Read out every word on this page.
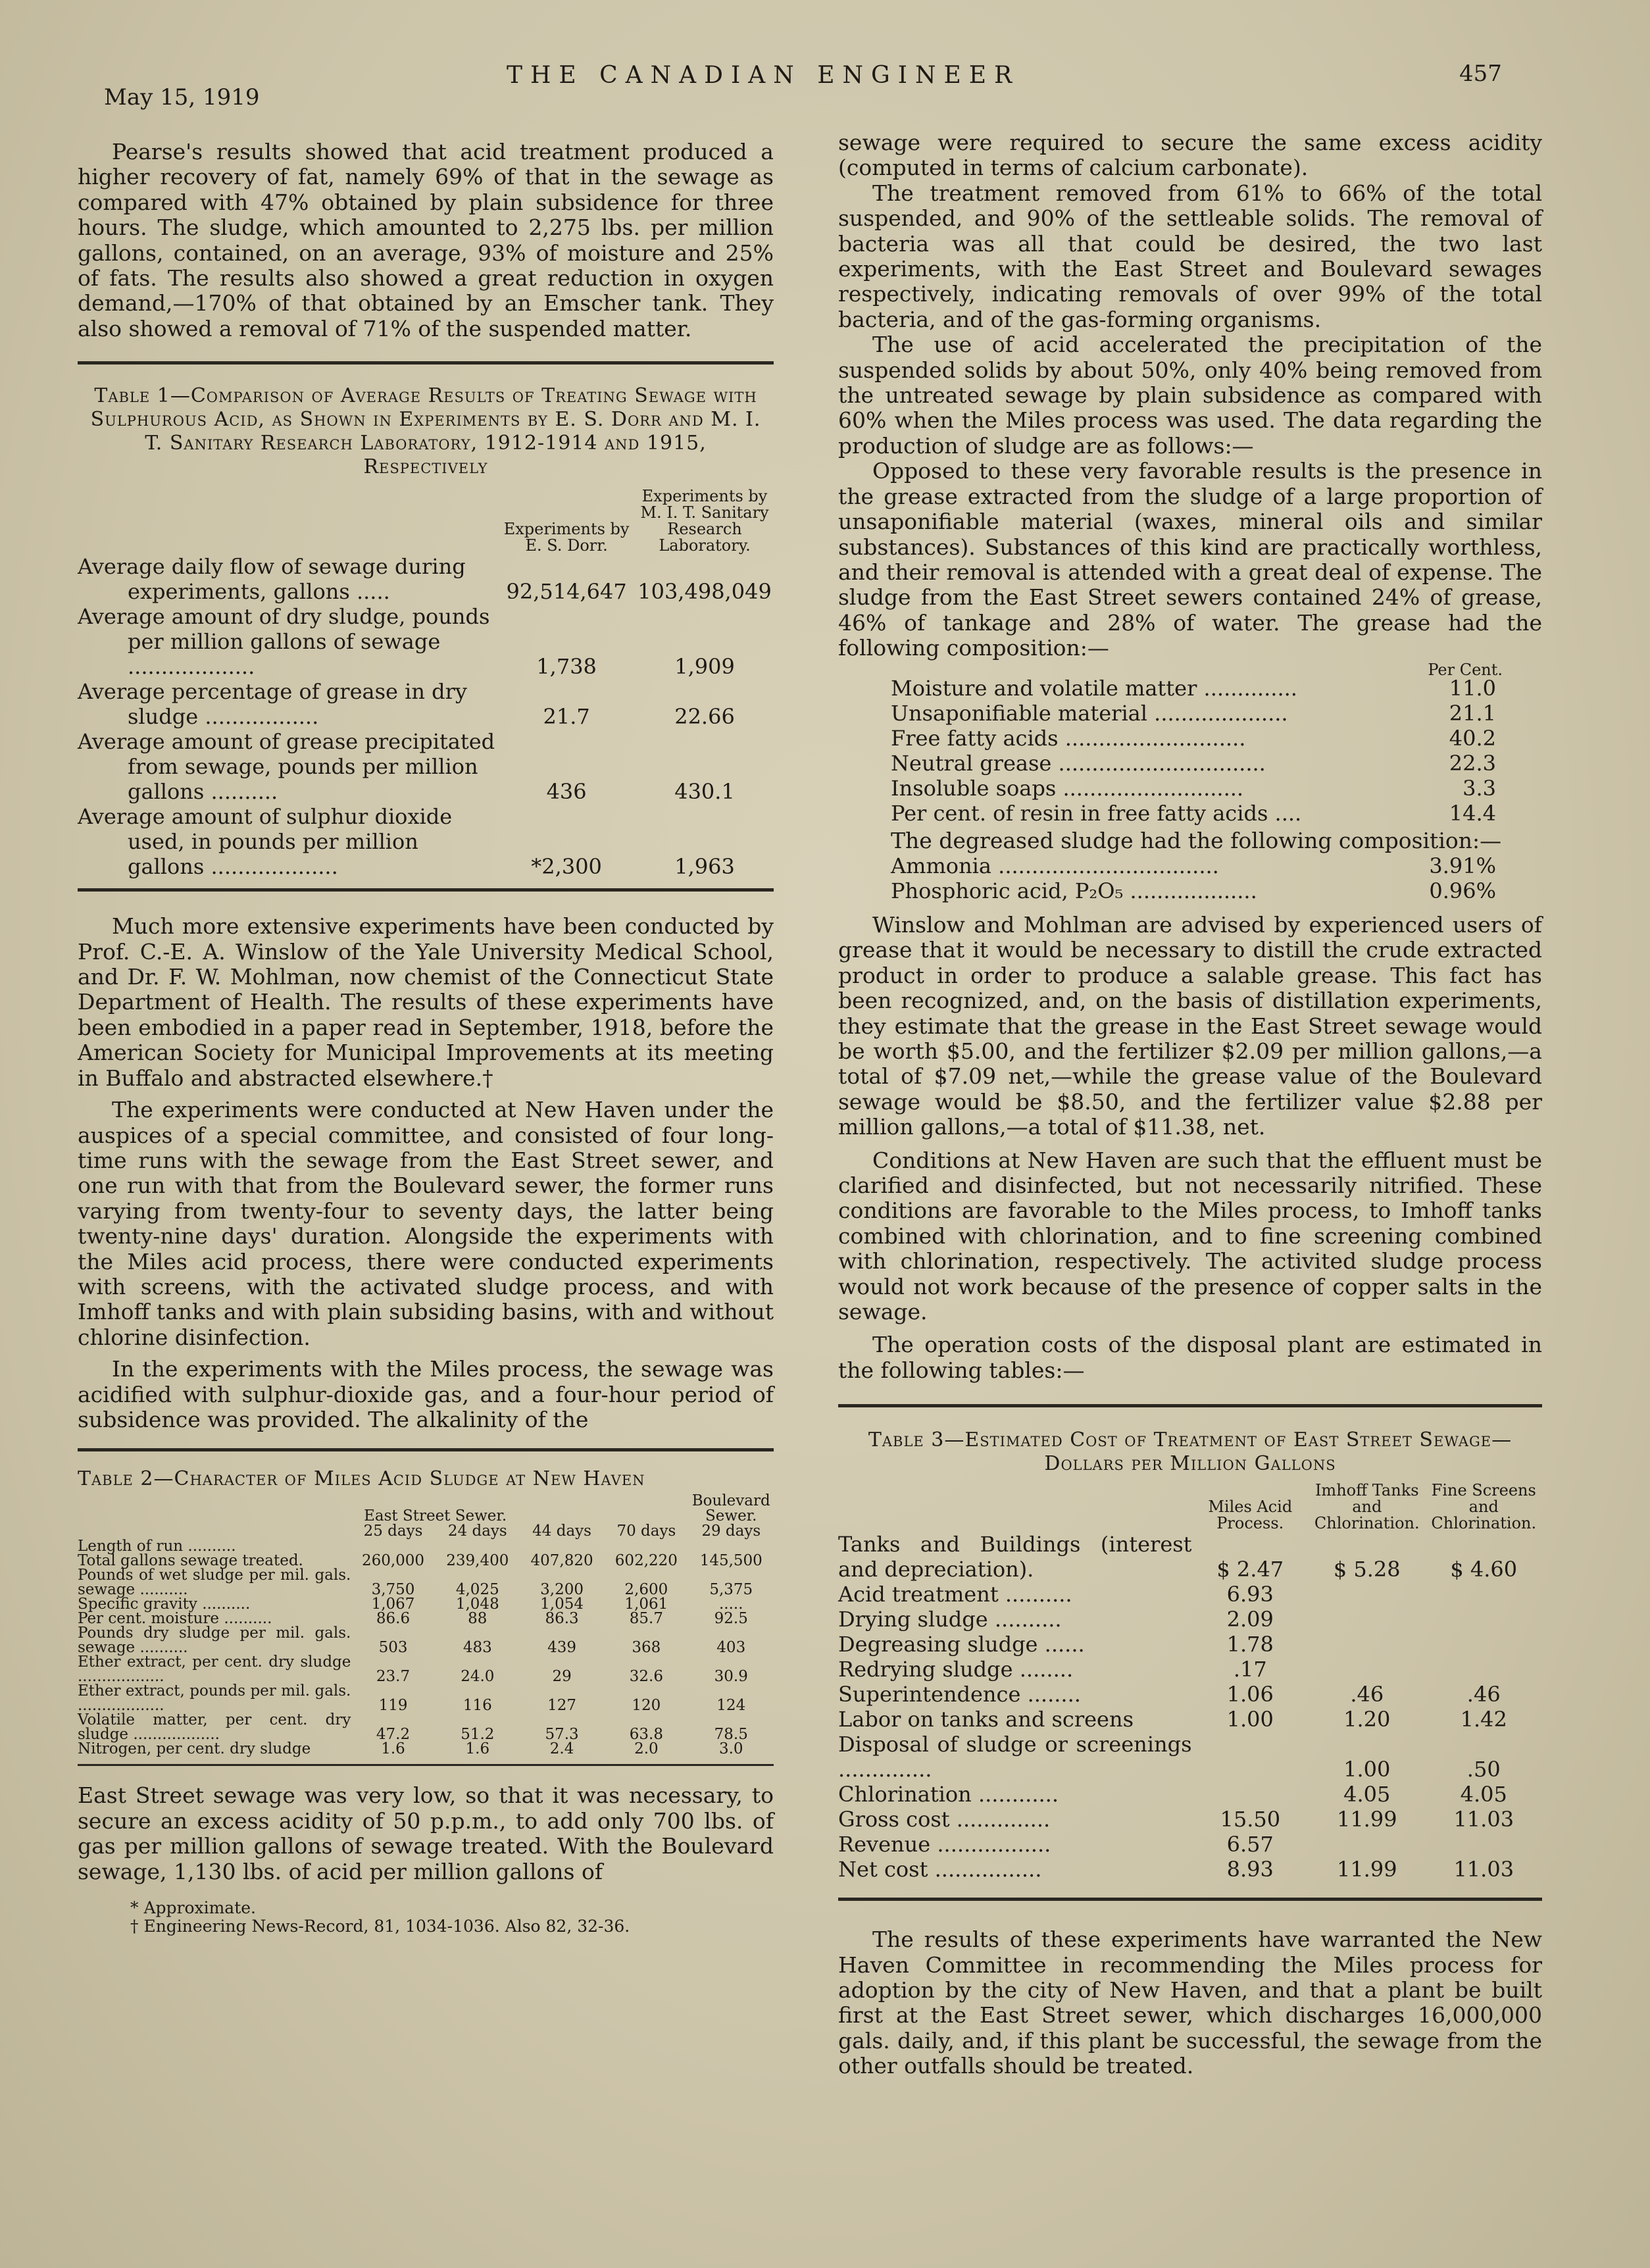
May 15, 1919
THE CANADIAN ENGINEER	457

Pearse's results showed that acid treatment produced a higher recovery of fat, namely 69% of that in the sewage as compared with 47% obtained by plain subsidence for three hours. The sludge, which amounted to 2,275 lbs. per million gallons, contained, on an average, 93% of moisture and 25% of fats. The results also showed a great reduction in oxygen demand,—170% of that obtained by an Emscher tank. They also showed a removal of 71% of the suspended matter.

Table 1—Comparison of Average Results of Treating Sewage with Sulphurous Acid, as Shown in Experiments by E. S. Dorr and M. I. T. Sanitary Research Laboratory, 1912-1914 and 1915, Respectively
	Experiments by E. S. Dorr.	Experiments by M. I. T. Sanitary Research Laboratory.

Average daily flow of sewage during experiments, gallons .....	92,514,647	103,498,049

Average amount of dry sludge, pounds per million gallons of sewage ...................	1,738	1,909

Average percentage of grease in dry sludge .................	21.7	22.66

Average amount of grease precipitated from sewage, pounds per million gallons ..........	436	430.1

Average amount of sulphur dioxide used, in pounds per million gallons ...................	*2,300	1,963

Much more extensive experiments have been conducted by Prof. C.-E. A. Winslow of the Yale University Medical School, and Dr. F. W. Mohlman, now chemist of the Connecticut State Department of Health. The results of these experiments have been embodied in a paper read in September, 1918, before the American Society for Municipal Improvements at its meeting in Buffalo and abstracted elsewhere.†

The experiments were conducted at New Haven under the auspices of a special committee, and consisted of four long-time runs with the sewage from the East Street sewer, and one run with that from the Boulevard sewer, the former runs varying from twenty-four to seventy days, the latter being twenty-nine days' duration. Alongside the experiments with the Miles acid process, there were conducted experiments with screens, with the activated sludge process, and with Imhoff tanks and with plain subsiding basins, with and without chlorine disinfection.

In the experiments with the Miles process, the sewage was acidified with sulphur-dioxide gas, and a four-hour period of subsidence was provided. The alkalinity of the

Table 2—Character of Miles Acid Sludge at New Haven
	East Street Sewer.				Boulevard Sewer.
	25 days	24 days	44 days	70 days	29 days
Length of run ..........					
Total gallons sewage treated.	260,000	239,400	407,820	602,220	145,500
Pounds of wet sludge per mil. gals. sewage ..........	3,750	4,025	3,200	2,600	5,375
Specific gravity ..........	1,067	1,048	1,054	1,061	.....
Per cent. moisture ..........	86.6	88	86.3	85.7	92.5
Pounds dry sludge per mil. gals. sewage ..........	503	483	439	368	403
Ether extract, per cent. dry sludge ..................	23.7	24.0	29	32.6	30.9
Ether extract, pounds per mil. gals. ..................	119	116	127	120	124
Volatile matter, per cent. dry sludge ..................	47.2	51.2	57.3	63.8	78.5
Nitrogen, per cent. dry sludge	1.6	1.6	2.4	2.0	3.0

East Street sewage was very low, so that it was necessary, to secure an excess acidity of 50 p.p.m., to add only 700 lbs. of gas per million gallons of sewage treated. With the Boulevard sewage, 1,130 lbs. of acid per million gallons of

* Approximate.
† Engineering News-Record, 81, 1034-1036. Also 82, 32-36.

sewage were required to secure the same excess acidity (computed in terms of calcium carbonate).

The treatment removed from 61% to 66% of the total suspended, and 90% of the settleable solids. The removal of bacteria was all that could be desired, the two last experiments, with the East Street and Boulevard sewages respectively, indicating removals of over 99% of the total bacteria, and of the gas-forming organisms.

The use of acid accelerated the precipitation of the suspended solids by about 50%, only 40% being removed from the untreated sewage by plain subsidence as compared with 60% when the Miles process was used. The data regarding the production of sludge are as follows:—

Opposed to these very favorable results is the presence in the grease extracted from the sludge of a large proportion of unsaponifiable material (waxes, mineral oils and similar substances). Substances of this kind are practically worthless, and their removal is attended with a great deal of expense. The sludge from the East Street sewers contained 24% of grease, 46% of tankage and 28% of water. The grease had the following composition:—

Per Cent.
Moisture and volatile matter ..............	11.0
Unsaponifiable material ....................	21.1
Free fatty acids ...........................	40.2
Neutral grease ...............................	22.3
Insoluble soaps ...........................	3.3
Per cent. of resin in free fatty acids ....	14.4

The degreased sludge had the following composition:—

Ammonia .................................	3.91%
Phosphoric acid, P₂O₅ ...................	0.96%

Winslow and Mohlman are advised by experienced users of grease that it would be necessary to distill the crude extracted product in order to produce a salable grease. This fact has been recognized, and, on the basis of distillation experiments, they estimate that the grease in the East Street sewage would be worth $5.00, and the fertilizer $2.09 per million gallons,—a total of $7.09 net,—while the grease value of the Boulevard sewage would be $8.50, and the fertilizer value $2.88 per million gallons,—a total of $11.38, net.

Conditions at New Haven are such that the effluent must be clarified and disinfected, but not necessarily nitrified. These conditions are favorable to the Miles process, to Imhoff tanks combined with chlorination, and to fine screening combined with chlorination, respectively. The activited sludge process would not work because of the presence of copper salts in the sewage.

The operation costs of the disposal plant are estimated in the following tables:—

Table 3—Estimated Cost of Treatment of East Street Sewage—Dollars per Million Gallons
	Miles Acid Process.	Imhoff Tanks and Chlorination.	Fine Screens and Chlorination.
Tanks and Buildings (interest and depreciation).	$ 2.47	$ 5.28	$ 4.60
Acid treatment ..........	6.93		
Drying sludge ..........	2.09		
Degreasing sludge ......	1.78		
Redrying sludge ........	.17		
Superintendence ........	1.06	.46	.46
Labor on tanks and screens	1.00	1.20	1.42
Disposal of sludge or screenings ..............		1.00	.50
Chlorination ............		4.05	4.05
Gross cost ..............	15.50	11.99	11.03
Revenue .................	6.57		
Net cost ................	8.93	11.99	11.03

The results of these experiments have warranted the New Haven Committee in recommending the Miles process for adoption by the city of New Haven, and that a plant be built first at the East Street sewer, which discharges 16,000,000 gals. daily, and, if this plant be successful, the sewage from the other outfalls should be treated.
